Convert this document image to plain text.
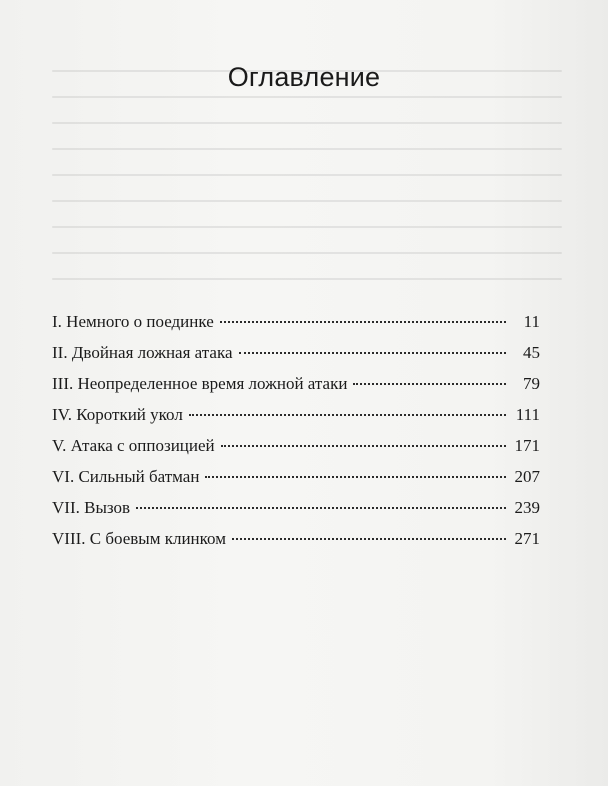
Оглавление
I. Немного о поединке	11
II. Двойная ложная атака	45
III. Неопределенное время ложной атаки	79
IV. Короткий укол	111
V. Атака с оппозицией	171
VI. Сильный батман	207
VII. Вызов	239
VIII. С боевым клинком	271
